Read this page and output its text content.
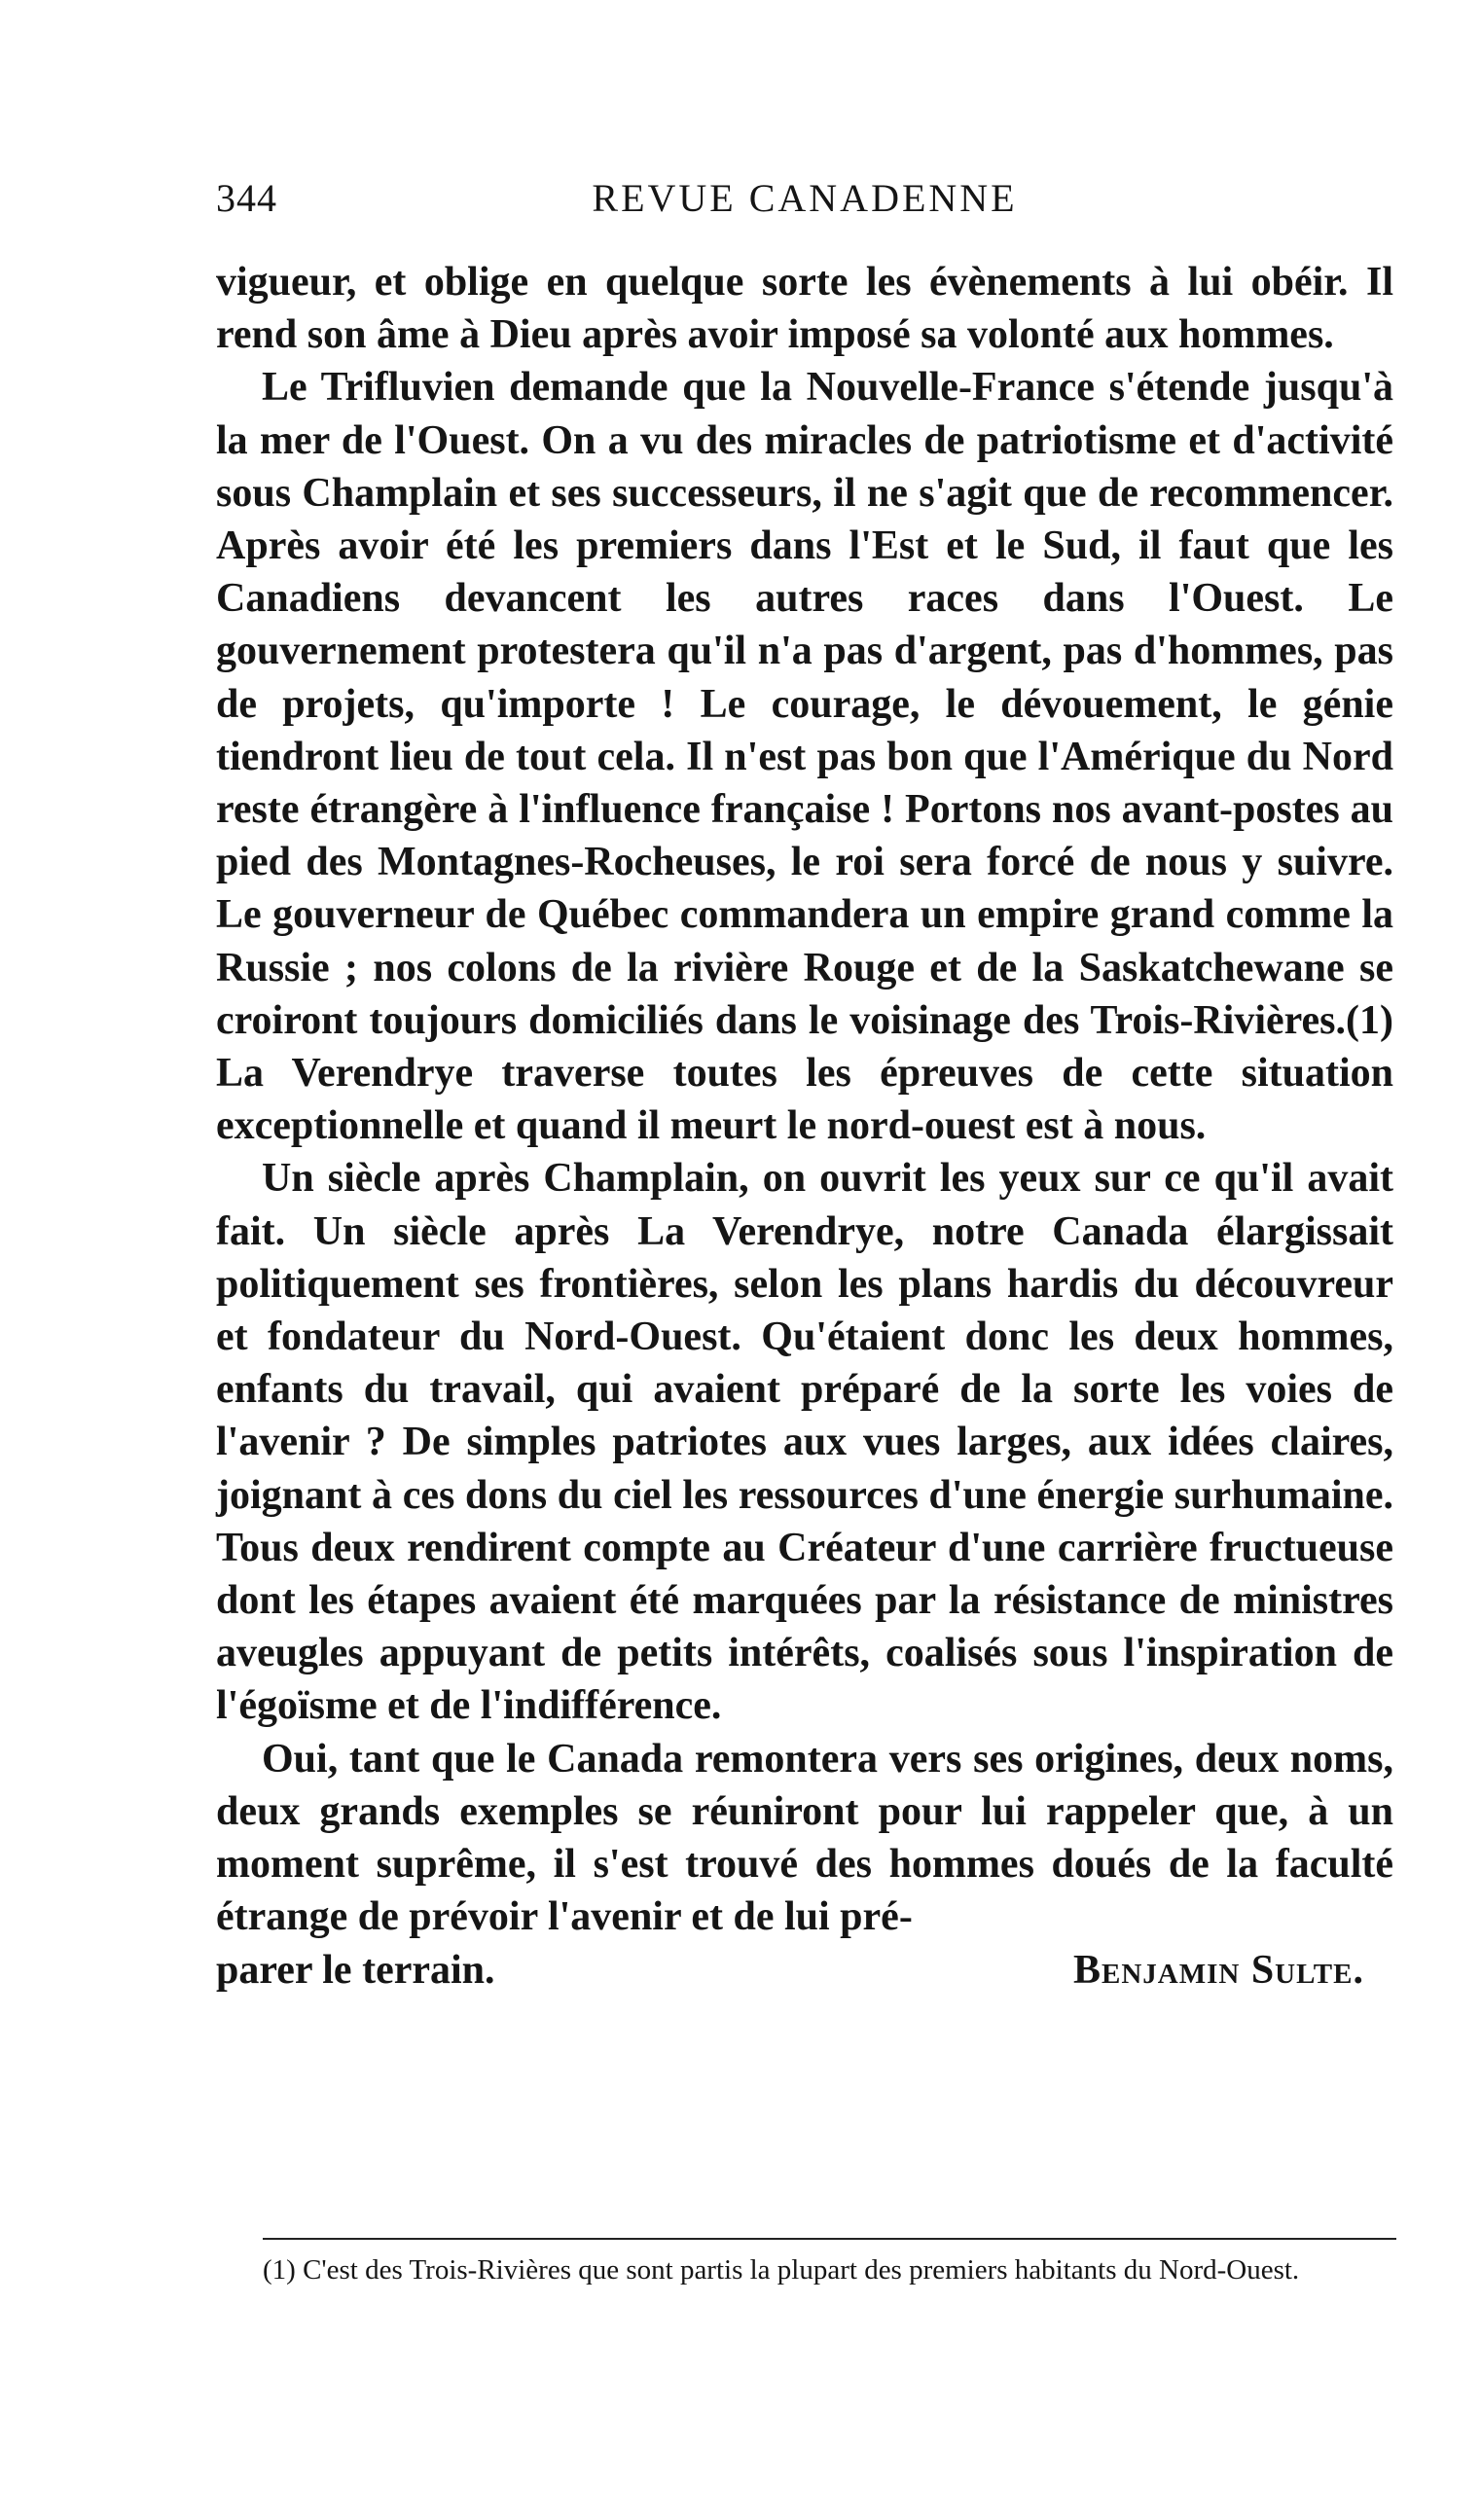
344	REVUE CANADENNE

vigueur, et oblige en quelque sorte les évènements à lui obéir. Il rend son âme à Dieu après avoir imposé sa volonté aux hommes.

Le Trifluvien demande que la Nouvelle-France s'étende jusqu'à la mer de l'Ouest. On a vu des miracles de patriotisme et d'activité sous Champlain et ses successeurs, il ne s'agit que de recommencer. Après avoir été les premiers dans l'Est et le Sud, il faut que les Canadiens devancent les autres races dans l'Ouest. Le gouvernement protestera qu'il n'a pas d'argent, pas d'hommes, pas de projets, qu'importe ! Le courage, le dévouement, le génie tiendront lieu de tout cela. Il n'est pas bon que l'Amérique du Nord reste étrangère à l'influence française ! Portons nos avant-postes au pied des Montagnes-Rocheuses, le roi sera forcé de nous y suivre. Le gouverneur de Québec commandera un empire grand comme la Russie ; nos colons de la rivière Rouge et de la Saskatchewane se croiront toujours domiciliés dans le voisinage des Trois-Rivières.(1) La Verendrye traverse toutes les épreuves de cette situation exceptionnelle et quand il meurt le nord-ouest est à nous.

Un siècle après Champlain, on ouvrit les yeux sur ce qu'il avait fait. Un siècle après La Verendrye, notre Canada élargissait politiquement ses frontières, selon les plans hardis du découvreur et fondateur du Nord-Ouest. Qu'étaient donc les deux hommes, enfants du travail, qui avaient préparé de la sorte les voies de l'avenir ? De simples patriotes aux vues larges, aux idées claires, joignant à ces dons du ciel les ressources d'une énergie surhumaine. Tous deux rendirent compte au Créateur d'une carrière fructueuse dont les étapes avaient été marquées par la résistance de ministres aveugles appuyant de petits intérêts, coalisés sous l'inspiration de l'égoïsme et de l'indifférence.

Oui, tant que le Canada remontera vers ses origines, deux noms, deux grands exemples se réuniront pour lui rappeler que, à un moment suprême, il s'est trouvé des hommes doués de la faculté étrange de prévoir l'avenir et de lui pré-

parer le terrain.	Benjamin Sulte.

(1) C'est des Trois-Rivières que sont partis la plupart des premiers habitants du Nord-Ouest.
